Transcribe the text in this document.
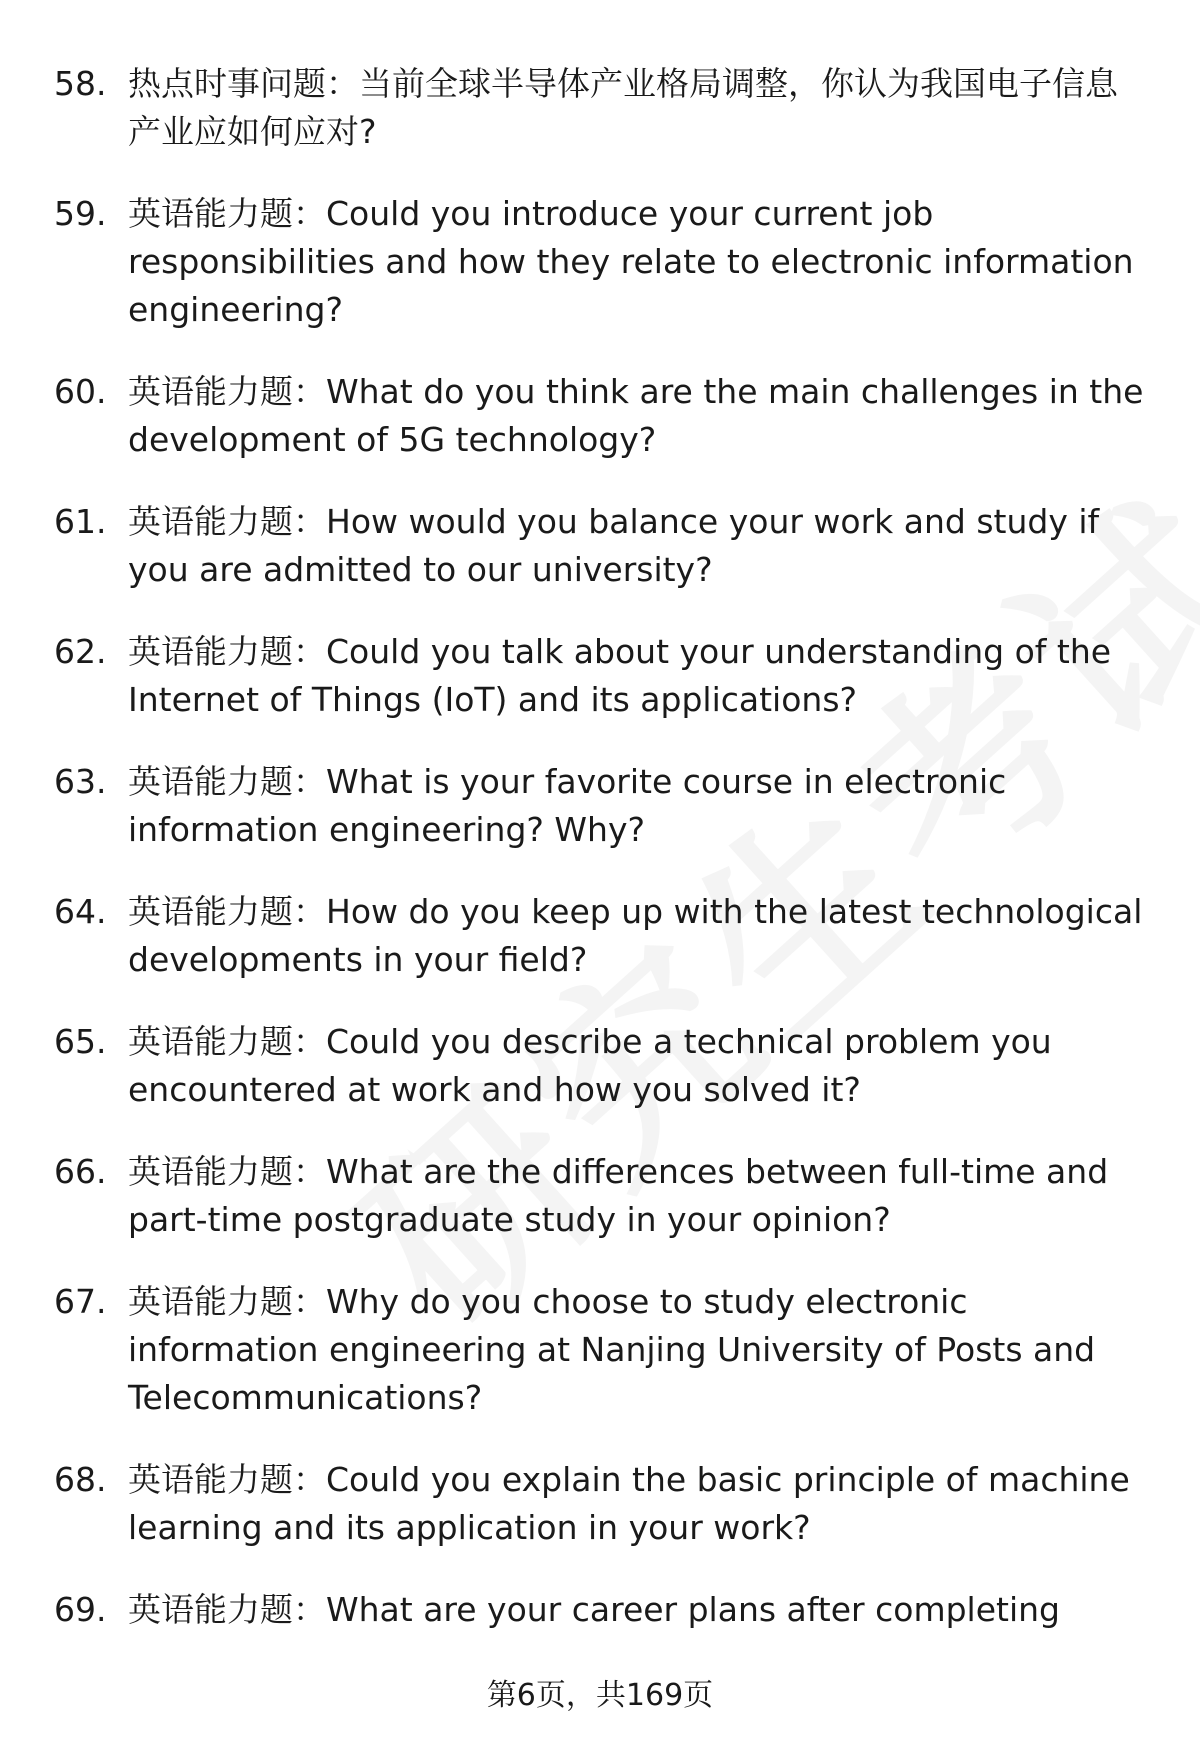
58. 热点时事问题：当前全球半导体产业格局调整，你认为我国电子信息产业应如何应对?
59. 英语能力题：Could you introduce your current job responsibilities and how they relate to electronic information engineering?
60. 英语能力题：What do you think are the main challenges in the development of 5G technology?
61. 英语能力题：How would you balance your work and study if you are admitted to our university?
62. 英语能力题：Could you talk about your understanding of the Internet of Things (IoT) and its applications?
63. 英语能力题：What is your favorite course in electronic information engineering? Why?
64. 英语能力题：How do you keep up with the latest technological developments in your field?
65. 英语能力题：Could you describe a technical problem you encountered at work and how you solved it?
66. 英语能力题：What are the differences between full-time and part-time postgraduate study in your opinion?
67. 英语能力题：Why do you choose to study electronic information engineering at Nanjing University of Posts and Telecommunications?
68. 英语能力题：Could you explain the basic principle of machine learning and its application in your work?
69. 英语能力题：What are your career plans after completing
第6页，共169页
